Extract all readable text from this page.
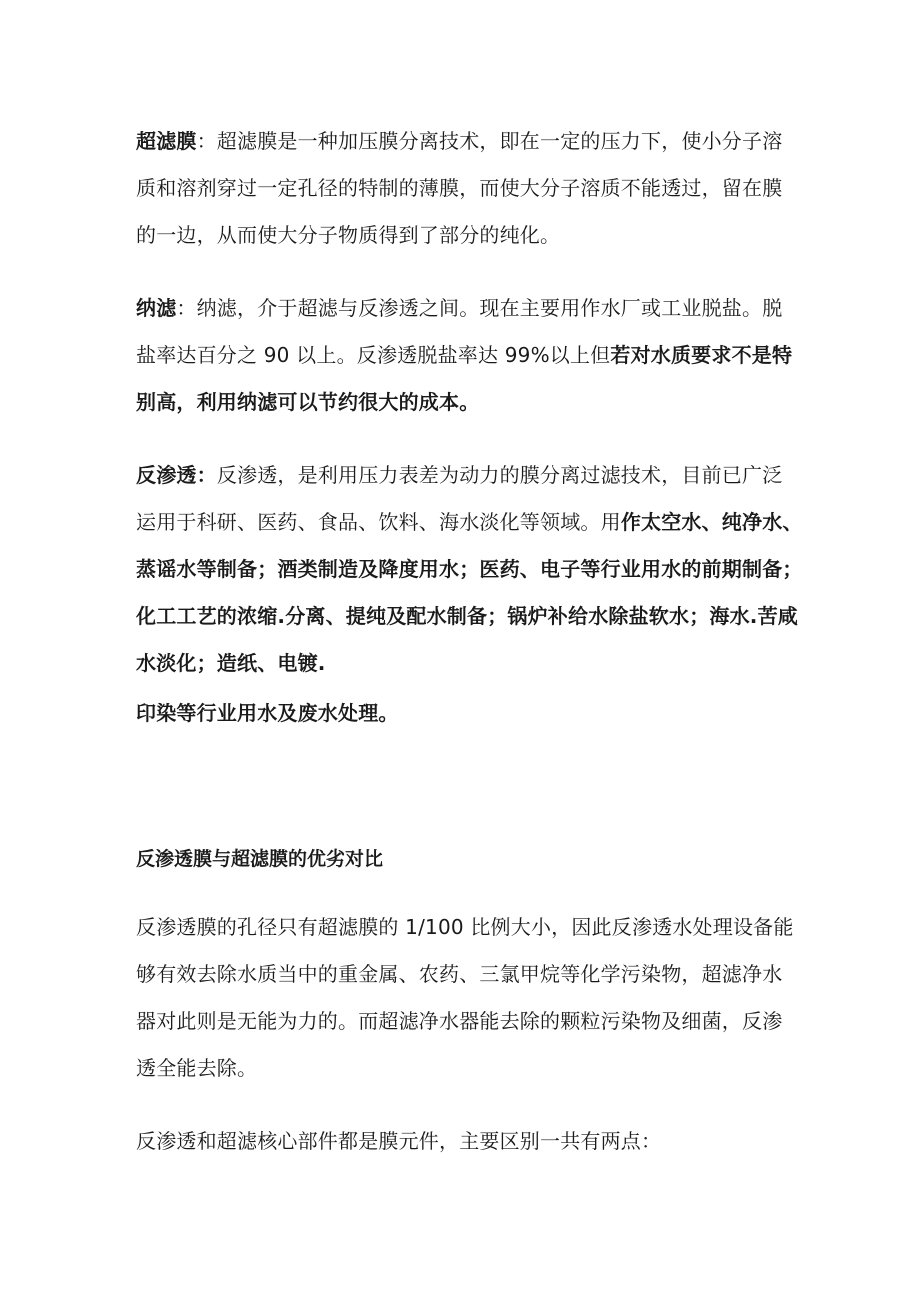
超滤膜：超滤膜是一种加压膜分离技术，即在一定的压力下，使小分子溶
质和溶剂穿过一定孔径的特制的薄膜，而使大分子溶质不能透过，留在膜
的一边，从而使大分子物质得到了部分的纯化。

纳滤：纳滤，介于超滤与反渗透之间。现在主要用作水厂或工业脱盐。脱
盐率达百分之 90 以上。反渗透脱盐率达 99%以上但若对水质要求不是特
别高，利用纳滤可以节约很大的成本。

反渗透：反渗透，是利用压力表差为动力的膜分离过滤技术，目前已广泛
运用于科研、医药、食品、饮料、海水淡化等领域。用作太空水、纯净水、
蒸谣水等制备；酒类制造及降度用水；医药、电子等行业用水的前期制备；
化工工艺的浓缩.分离、提纯及配水制备；锅炉补给水除盐软水；海水.苦咸
水淡化；造纸、电镀.

印染等行业用水及废水处理。

反渗透膜与超滤膜的优劣对比

反渗透膜的孔径只有超滤膜的 1/100 比例大小，因此反渗透水处理设备能
够有效去除水质当中的重金属、农药、三氯甲烷等化学污染物，超滤净水
器对此则是无能为力的。而超滤净水器能去除的颗粒污染物及细菌，反渗
透全能去除。

反渗透和超滤核心部件都是膜元件，主要区别一共有两点：
